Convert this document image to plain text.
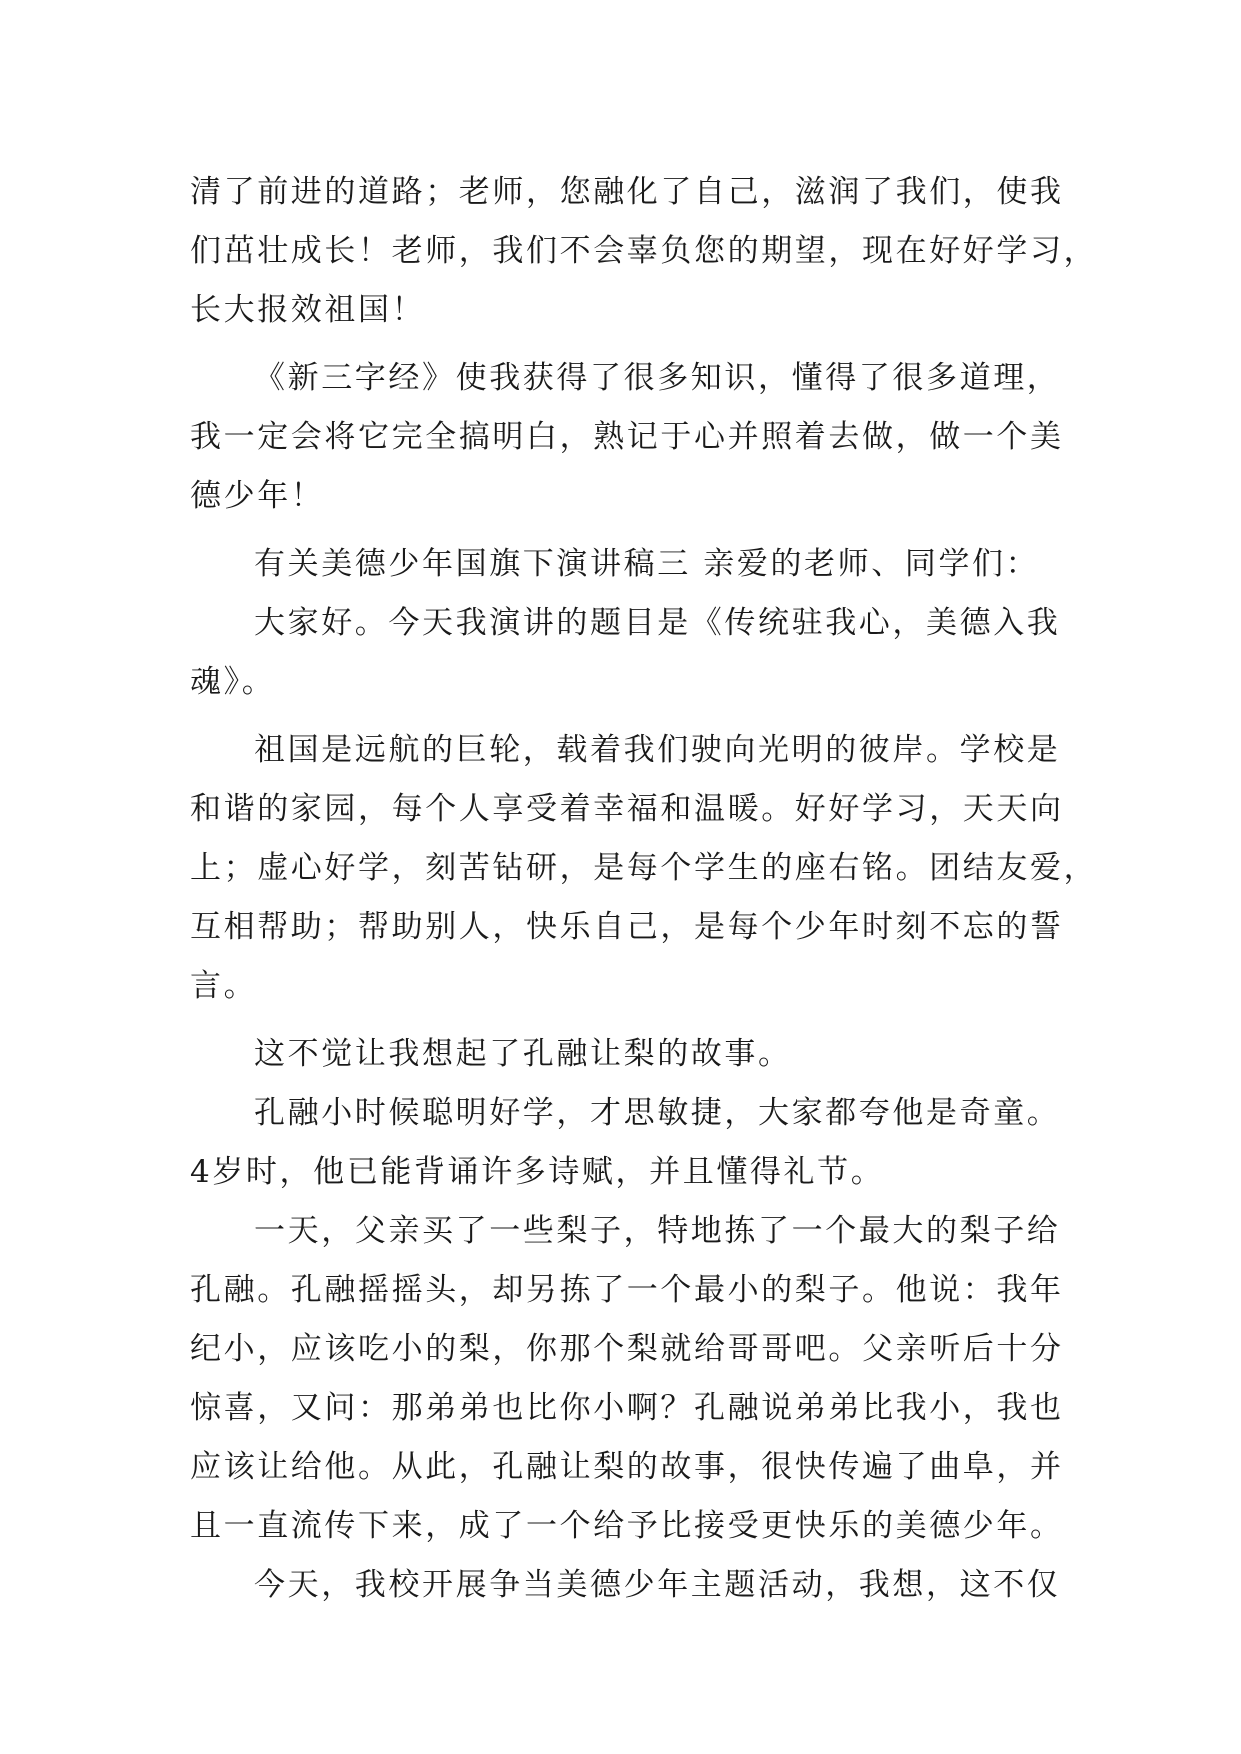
清了前进的道路；老师，您融化了自己，滋润了我们，使我
们茁壮成长！老师，我们不会辜负您的期望，现在好好学习，
长大报效祖国！
《新三字经》使我获得了很多知识，懂得了很多道理，
我一定会将它完全搞明白，熟记于心并照着去做，做一个美
德少年！
有关美德少年国旗下演讲稿三 亲爱的老师、同学们：
大家好。今天我演讲的题目是《传统驻我心，美德入我
魂》。
祖国是远航的巨轮，载着我们驶向光明的彼岸。学校是
和谐的家园，每个人享受着幸福和温暖。好好学习，天天向
上；虚心好学，刻苦钻研，是每个学生的座右铭。团结友爱，
互相帮助；帮助别人，快乐自己，是每个少年时刻不忘的誓
言。
这不觉让我想起了孔融让梨的故事。
孔融小时候聪明好学，才思敏捷，大家都夸他是奇童。
4岁时，他已能背诵许多诗赋，并且懂得礼节。
一天，父亲买了一些梨子，特地拣了一个最大的梨子给
孔融。孔融摇摇头，却另拣了一个最小的梨子。他说：我年
纪小，应该吃小的梨，你那个梨就给哥哥吧。父亲听后十分
惊喜，又问：那弟弟也比你小啊？孔融说弟弟比我小，我也
应该让给他。从此，孔融让梨的故事，很快传遍了曲阜，并
且一直流传下来，成了一个给予比接受更快乐的美德少年。
今天，我校开展争当美德少年主题活动，我想，这不仅
